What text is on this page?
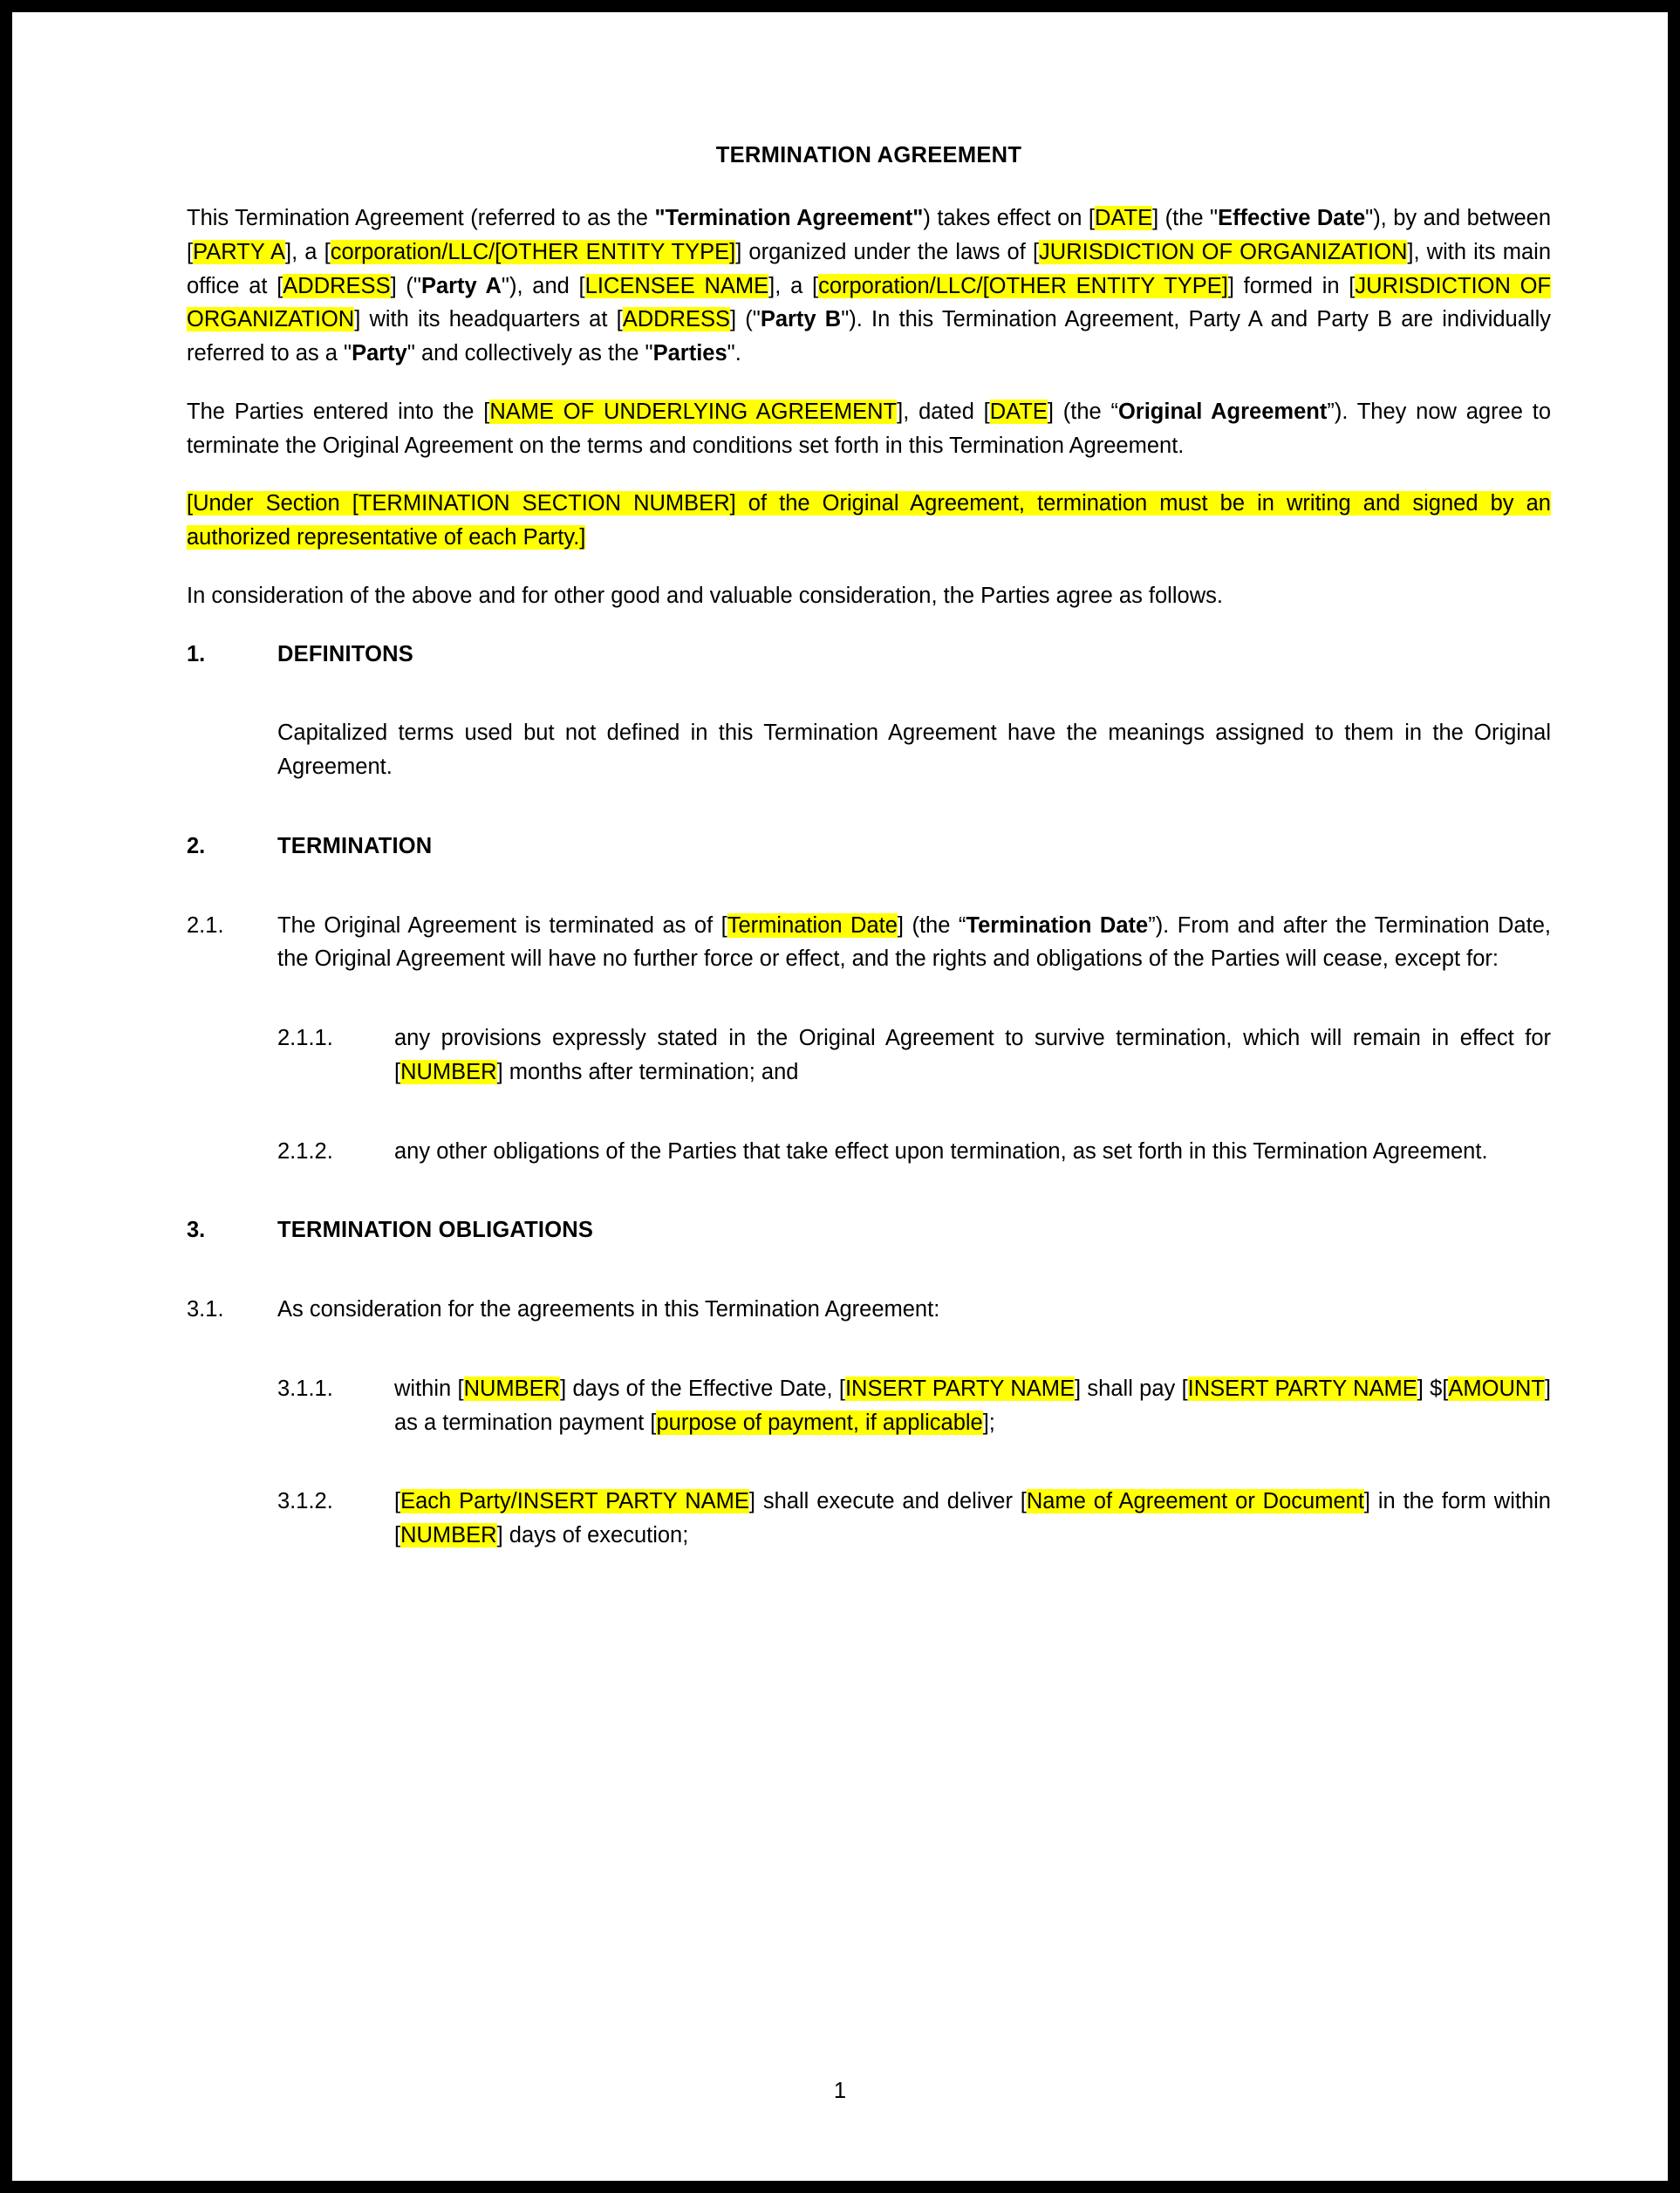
TERMINATION AGREEMENT

This Termination Agreement (referred to as the "Termination Agreement") takes effect on [DATE] (the "Effective Date"), by and between [PARTY A], a [corporation/LLC/[OTHER ENTITY TYPE]] organized under the laws of [JURISDICTION OF ORGANIZATION], with its main office at [ADDRESS] ("Party A"), and [LICENSEE NAME], a [corporation/LLC/[OTHER ENTITY TYPE]] formed in [JURISDICTION OF ORGANIZATION] with its headquarters at [ADDRESS] ("Party B"). In this Termination Agreement, Party A and Party B are individually referred to as a "Party" and collectively as the "Parties".

The Parties entered into the [NAME OF UNDERLYING AGREEMENT], dated [DATE] (the “Original Agreement”). They now agree to terminate the Original Agreement on the terms and conditions set forth in this Termination Agreement.

[Under Section [TERMINATION SECTION NUMBER] of the Original Agreement, termination must be in writing and signed by an authorized representative of each Party.]

In consideration of the above and for other good and valuable consideration, the Parties agree as follows.

1.	DEFINITONS

Capitalized terms used but not defined in this Termination Agreement have the meanings assigned to them in the Original Agreement.

2.	TERMINATION
2.1.	The Original Agreement is terminated as of [Termination Date] (the “Termination Date”). From and after the Termination Date, the Original Agreement will have no further force or effect, and the rights and obligations of the Parties will cease, except for:
2.1.1.	any provisions expressly stated in the Original Agreement to survive termination, which will remain in effect for [NUMBER] months after termination; and
2.1.2.	any other obligations of the Parties that take effect upon termination, as set forth in this Termination Agreement.
3.	TERMINATION OBLIGATIONS
3.1.	As consideration for the agreements in this Termination Agreement:
3.1.1.	within [NUMBER] days of the Effective Date, [INSERT PARTY NAME] shall pay [INSERT PARTY NAME] $[AMOUNT] as a termination payment [purpose of payment, if applicable];
3.1.2.	[Each Party/INSERT PARTY NAME] shall execute and deliver [Name of Agreement or Document] in the form within [NUMBER] days of execution;
1
